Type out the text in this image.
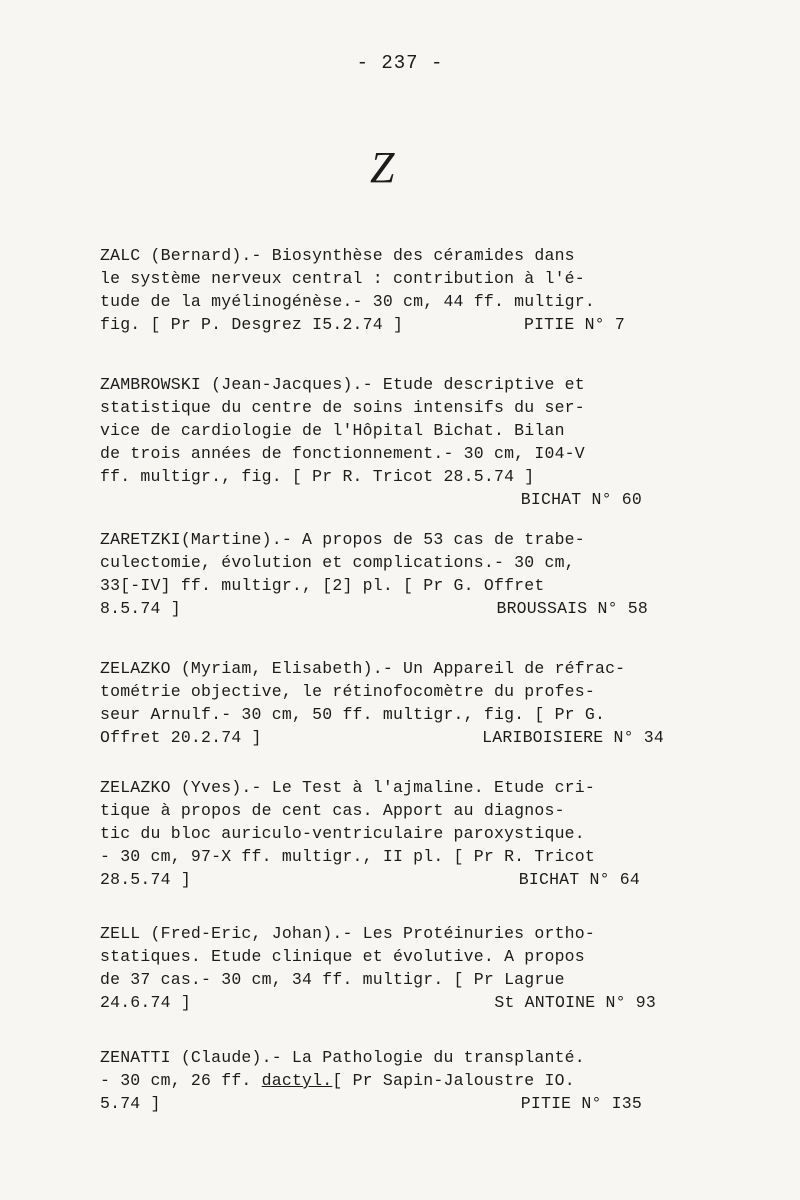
- 237 -
Z
ZALC (Bernard).- Biosynthèse des céramides dans
le système nerveux central : contribution à l'é-
tude de la myélinogénèse.- 30 cm, 44 ff. multigr.
fig. [ Pr P. Desgrez I5.2.74 ]	PITIE N° 7
ZAMBROWSKI (Jean-Jacques).- Etude descriptive et
statistique du centre de soins intensifs du ser-
vice de cardiologie de l'Hôpital Bichat. Bilan
de trois années de fonctionnement.- 30 cm, I04-V
ff. multigr., fig. [ Pr R. Tricot 28.5.74 ]
BICHAT N° 60
ZARETZKI(Martine).- A propos de 53 cas de trabe-
culectomie, évolution et complications.- 30 cm,
33[-IV] ff. multigr., [2] pl. [ Pr G. Offret
8.5.74 ]	BROUSSAIS N° 58
ZELAZKO (Myriam, Elisabeth).- Un Appareil de réfrac-
tométrie objective, le rétinofocomètre du profes-
seur Arnulf.- 30 cm, 50 ff. multigr., fig. [ Pr G.
Offret 20.2.74 ]	LARIBOISIERE N° 34
ZELAZKO (Yves).- Le Test à l'ajmaline. Etude cri-
tique à propos de cent cas. Apport au diagnos-
tic du bloc auriculo-ventriculaire paroxystique.
- 30 cm, 97-X ff. multigr., II pl. [ Pr R. Tricot
28.5.74 ]	BICHAT N° 64
ZELL (Fred-Eric, Johan).- Les Protéinuries ortho-
statiques. Etude clinique et évolutive. A propos
de 37 cas.- 30 cm, 34 ff. multigr. [ Pr Lagrue
24.6.74 ]	St ANTOINE N° 93
ZENATTI (Claude).- La Pathologie du transplanté.
- 30 cm, 26 ff. dactyl.[ Pr Sapin-Jaloustre IO.
5.74 ]	PITIE N° I35
